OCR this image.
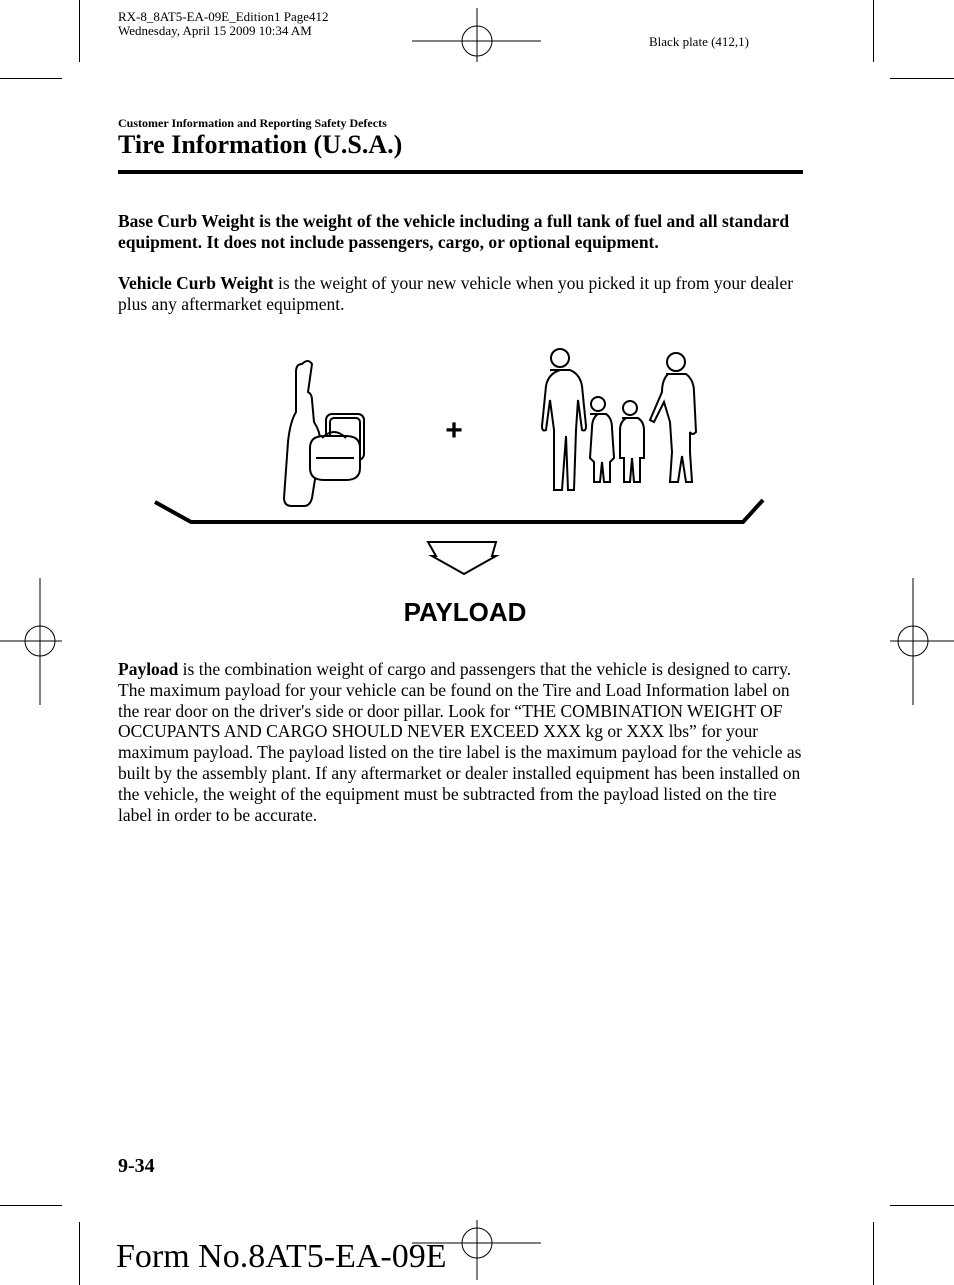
RX-8_8AT5-EA-09E_Edition1 Page412
Wednesday, April 15 2009 10:34 AM
Black plate (412,1)
Customer Information and Reporting Safety Defects
Tire Information (U.S.A.)
Base Curb Weight is the weight of the vehicle including a full tank of fuel and all standard equipment. It does not include passengers, cargo, or optional equipment.
Vehicle Curb Weight is the weight of your new vehicle when you picked it up from your dealer plus any aftermarket equipment.
+
PAYLOAD
Payload is the combination weight of cargo and passengers that the vehicle is designed to carry. The maximum payload for your vehicle can be found on the Tire and Load Information label on the rear door on the driver's side or door pillar. Look for “THE COMBINATION WEIGHT OF OCCUPANTS AND CARGO SHOULD NEVER EXCEED XXX kg or XXX lbs” for your maximum payload. The payload listed on the tire label is the maximum payload for the vehicle as built by the assembly plant. If any aftermarket or dealer installed equipment has been installed on the vehicle, the weight of the equipment must be subtracted from the payload listed on the tire label in order to be accurate.
9-34
Form No.8AT5-EA-09E
